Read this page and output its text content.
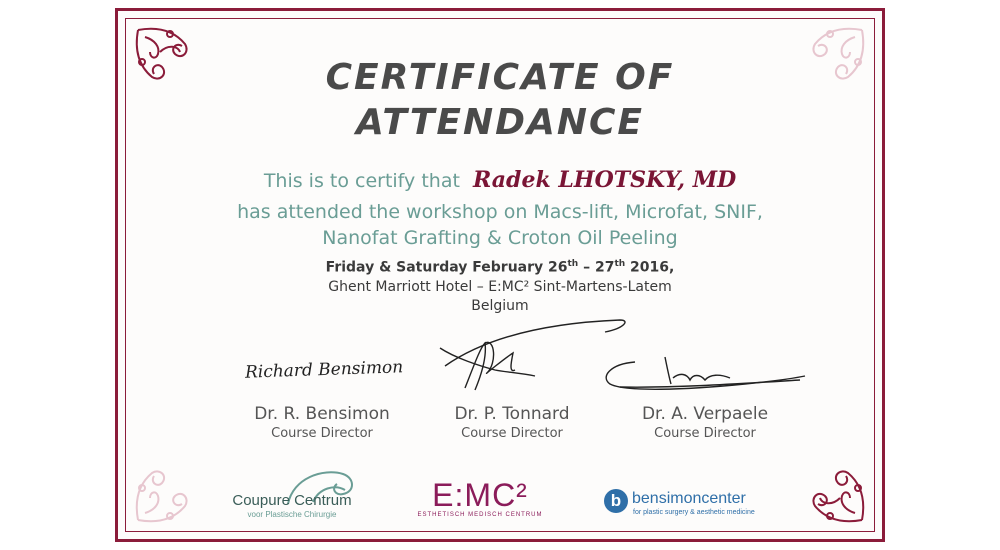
CERTIFICATE OF
ATTENDANCE
This is to certify that Radek LHOTSKY, MD
has attended the workshop on Macs-lift, Microfat, SNIF,
Nanofat Grafting & Croton Oil Peeling
Friday & Saturday February 26th – 27th 2016,
Ghent Marriott Hotel – E:MC² Sint-Martens-Latem
Belgium
Richard Bensimon
Dr. R. Bensimon
Course Director
Dr. P. Tonnard
Course Director
Dr. A. Verpaele
Course Director
Coupure Centrum
voor Plastische Chirurgie
E:MC²
ESTHETISCH MEDISCH CENTRUM
b bensimoncenter
for plastic surgery & aesthetic medicine
